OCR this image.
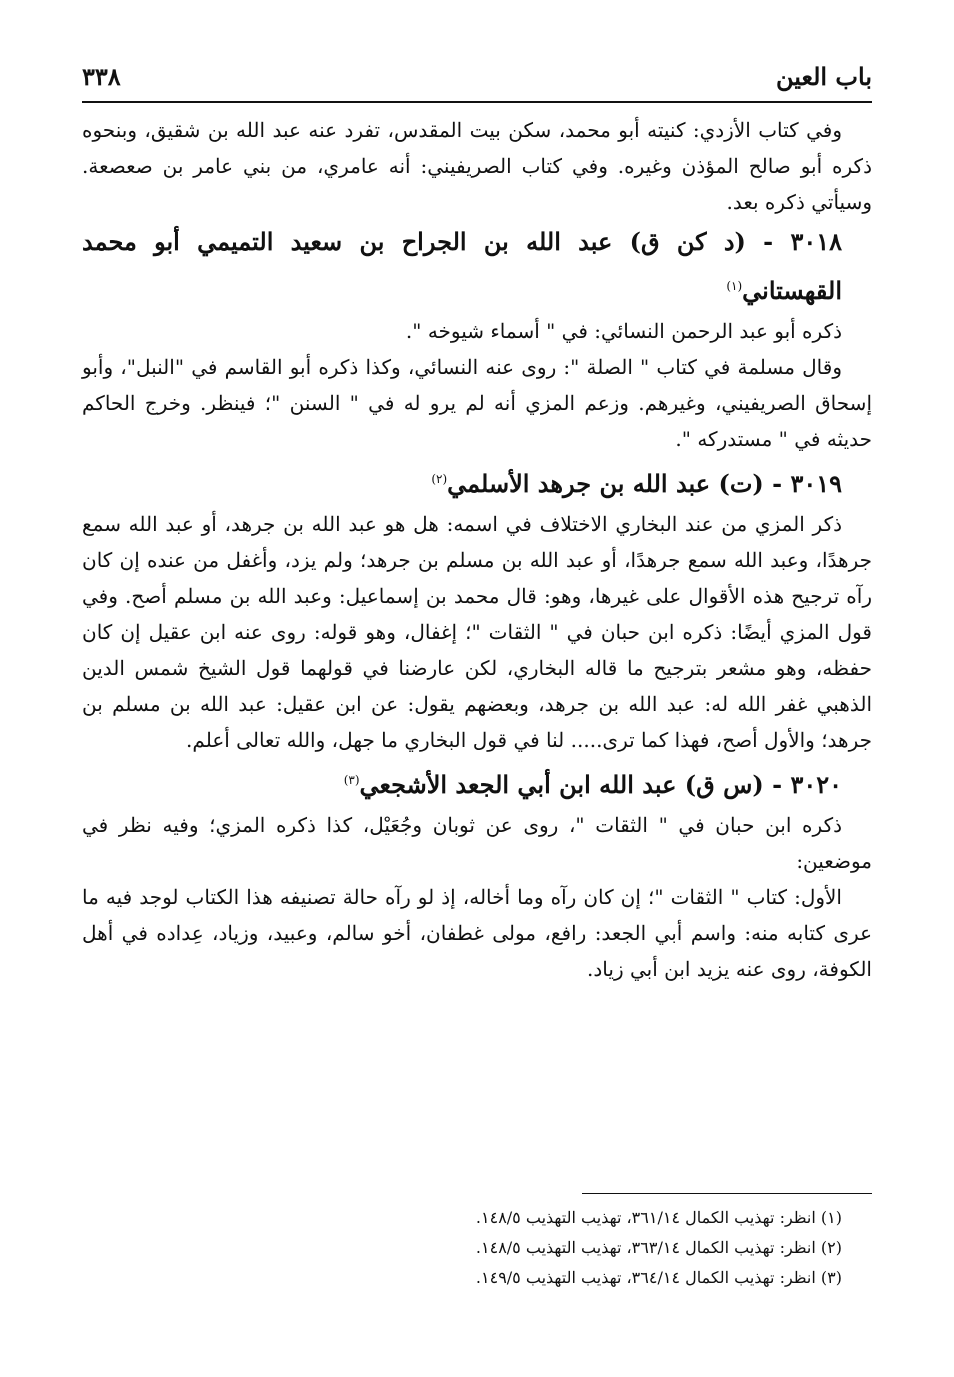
باب العين
٣٣٨

وفي كتاب الأزدي: كنيته أبو محمد، سكن بيت المقدس، تفرد عنه عبد الله بن شقيق، وبنحوه ذكره أبو صالح المؤذن وغيره. وفي كتاب الصريفيني: أنه عامري، من بني عامر بن صعصعة. وسيأتي ذكره بعد.

٣٠١٨ - (د كن ق) عبد الله بن الجراح بن سعيد التميمي أبو محمد القهستاني$^{(١)}$

ذكره أبو عبد الرحمن النسائي: في " أسماء شيوخه ".

وقال مسلمة في كتاب " الصلة ": روى عنه النسائي، وكذا ذكره أبو القاسم في "النبل"، وأبو إسحاق الصريفيني، وغيرهم. وزعم المزي أنه لم يرو له في " السنن "؛ فينظر. وخرج الحاكم حديثه في " مستدركه ".

٣٠١٩ - (ت) عبد الله بن جرهد الأسلمي$^{(٢)}$

ذكر المزي من عند البخاري الاختلاف في اسمه: هل هو عبد الله بن جرهد، أو عبد الله سمع جرهدًا، وعبد الله سمع جرهدًا، أو عبد الله بن مسلم بن جرهد؛ ولم يزد، وأغفل من عنده إن كان رآه ترجيح هذه الأقوال على غيرها، وهو: قال محمد بن إسماعيل: وعبد الله بن مسلم أصح. وفي قول المزي أيضًا: ذكره ابن حبان في " الثقات "؛ إغفال، وهو قوله: روى عنه ابن عقيل إن كان حفظه، وهو مشعر بترجيح ما قاله البخاري، لكن عارضنا في قولهما قول الشيخ شمس الدين الذهبي غفر الله له: عبد الله بن جرهد، وبعضهم يقول: عن ابن عقيل: عبد الله بن مسلم بن جرهد؛ والأول أصح، فهذا كما ترى..... لنا في قول البخاري ما جهل، والله تعالى أعلم.

٣٠٢٠ - (س ق) عبد الله ابن أبي الجعد الأشجعي$^{(٣)}$

ذكره ابن حبان في " الثقات "، روى عن ثوبان وجُعَيْل، كذا ذكره المزي؛ وفيه نظر في موضعين:

الأول: كتاب " الثقات "؛ إن كان رآه وما أخاله، إذ لو رآه حالة تصنيفه هذا الكتاب لوجد فيه ما عرى كتابه منه: واسم أبي الجعد: رافع، مولى غطفان، أخو سالم، وعبيد، وزياد، عِداده في أهل الكوفة، روى عنه يزيد ابن أبي زياد.

(١) انظر: تهذيب الكمال ٣٦١/١٤، تهذيب التهذيب ١٤٨/٥.

(٢) انظر: تهذيب الكمال ٣٦٣/١٤، تهذيب التهذيب ١٤٨/٥.

(٣) انظر: تهذيب الكمال ٣٦٤/١٤، تهذيب التهذيب ١٤٩/٥.
